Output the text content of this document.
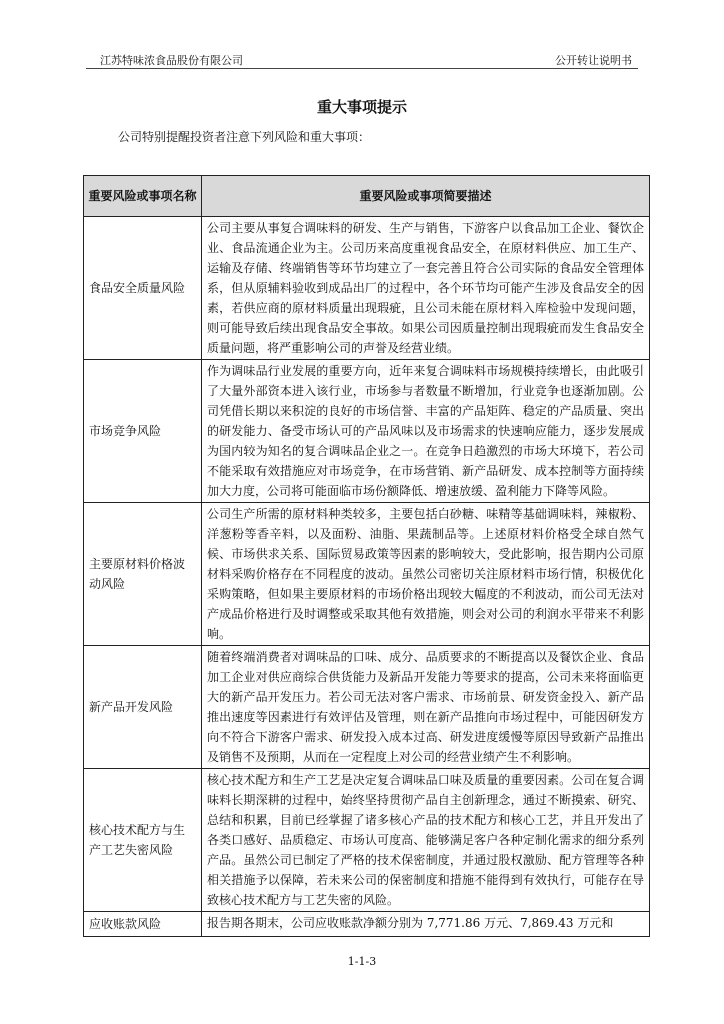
江苏特味浓食品股份有限公司	公开转让说明书
重大事项提示
公司特别提醒投资者注意下列风险和重大事项：
重要风险或事项名称	重要风险或事项简要描述
食品安全质量风险	公司主要从事复合调味料的研发、生产与销售，下游客户以食品加工企业、餐饮企业、食品流通企业为主。公司历来高度重视食品安全，在原材料供应、加工生产、运输及存储、终端销售等环节均建立了一套完善且符合公司实际的食品安全管理体系，但从原辅料验收到成品出厂的过程中，各个环节均可能产生涉及食品安全的因素，若供应商的原材料质量出现瑕疵，且公司未能在原材料入库检验中发现问题，则可能导致后续出现食品安全事故。如果公司因质量控制出现瑕疵而发生食品安全质量问题，将严重影响公司的声誉及经营业绩。
市场竞争风险	作为调味品行业发展的重要方向，近年来复合调味料市场规模持续增长，由此吸引了大量外部资本进入该行业，市场参与者数量不断增加，行业竞争也逐渐加剧。公司凭借长期以来积淀的良好的市场信誉、丰富的产品矩阵、稳定的产品质量、突出的研发能力、备受市场认可的产品风味以及市场需求的快速响应能力，逐步发展成为国内较为知名的复合调味品企业之一。在竞争日趋激烈的市场大环境下，若公司不能采取有效措施应对市场竞争，在市场营销、新产品研发、成本控制等方面持续加大力度，公司将可能面临市场份额降低、增速放缓、盈利能力下降等风险。
主要原材料价格波动风险	公司生产所需的原材料种类较多，主要包括白砂糖、味精等基础调味料，辣椒粉、洋葱粉等香辛料，以及面粉、油脂、果蔬制品等。上述原材料价格受全球自然气候、市场供求关系、国际贸易政策等因素的影响较大，受此影响，报告期内公司原材料采购价格存在不同程度的波动。虽然公司密切关注原材料市场行情，积极优化采购策略，但如果主要原材料的市场价格出现较大幅度的不利波动，而公司无法对产成品价格进行及时调整或采取其他有效措施，则会对公司的利润水平带来不利影响。
新产品开发风险	随着终端消费者对调味品的口味、成分、品质要求的不断提高以及餐饮企业、食品加工企业对供应商综合供货能力及新品开发能力等要求的提高，公司未来将面临更大的新产品开发压力。若公司无法对客户需求、市场前景、研发资金投入、新产品推出速度等因素进行有效评估及管理，则在新产品推向市场过程中，可能因研发方向不符合下游客户需求、研发投入成本过高、研发进度缓慢等原因导致新产品推出及销售不及预期，从而在一定程度上对公司的经营业绩产生不利影响。
核心技术配方与生产工艺失密风险	核心技术配方和生产工艺是决定复合调味品口味及质量的重要因素。公司在复合调味料长期深耕的过程中，始终坚持贯彻产品自主创新理念，通过不断摸索、研究、总结和积累，目前已经掌握了诸多核心产品的技术配方和核心工艺，并且开发出了各类口感好、品质稳定、市场认可度高、能够满足客户各种定制化需求的细分系列产品。虽然公司已制定了严格的技术保密制度，并通过股权激励、配方管理等各种相关措施予以保障，若未来公司的保密制度和措施不能得到有效执行，可能存在导致核心技术配方与工艺失密的风险。
应收账款风险	报告期各期末，公司应收账款净额分别为 7,771.86 万元、7,869.43 万元和
1-1-3
